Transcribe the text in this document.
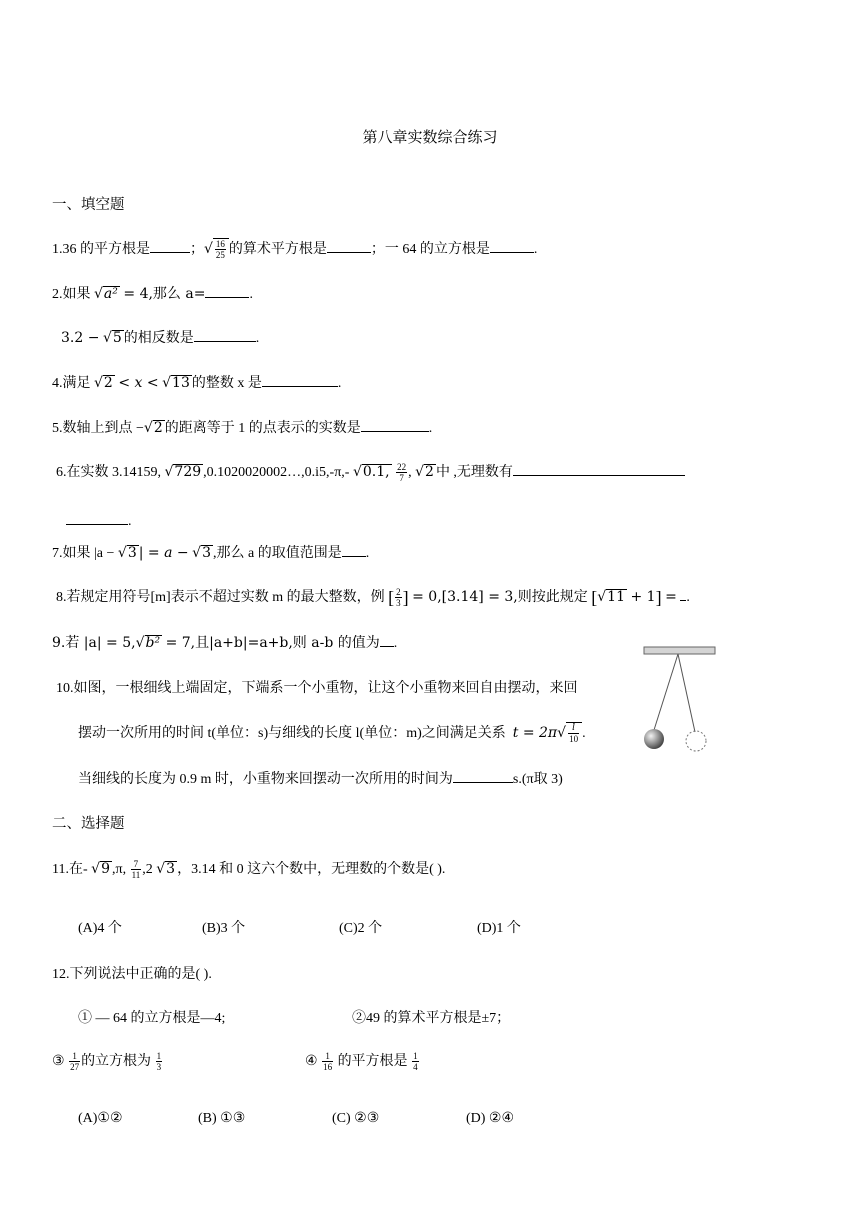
第八章实数综合练习
一、填空题
1.36 的平方根是	；√ $\frac{16}{25}$ 的算术平方根是	；一 64 的立方根是	.
2.如果 √a² = 4,那么 a=	.
3.2 − √5 的相反数是	.
4.满足 √2 < x < √13 的整数 x 是	.
5.数轴上到点 −√2 的距离等于 1 的点表示的实数是	.
6.在实数 3.14159, √729 ,0.1020020002…,0.i5,-π,- √0.1, $\frac{22}{7}$ , √2 中 ,无理数有
.
7.如果 |a − √3 | = a − √3 ,那么 a 的取值范围是 .
8.若规定用符号[m]表示不超过实数 m 的最大整数，例 [ $\frac{2}{3}$ ] = 0,[3.14] = 3,则按此规定 [√11 + 1] = .
9.若 |a| = 5,√b² = 7,且|a+b|=a+b,则 a-b 的值为 .
10.如图，一根细线上端固定，下端系一个小重物，让这个小重物来回自由摆动，来回
摆动一次所用的时间 t(单位：s)与细线的长度 l(单位：m)之间满足关系 $t = 2\pi√ \frac{l}{10}$ .
当细线的长度为 0.9 m 时，小重物来回摆动一次所用的时间为	s.(π取 3)
二、选择题
11.在- √9 ,π, $\frac{7}{11} ,2$ √3 ，3.14 和 0 这六个数中，无理数的个数是( ).
(A)4 个	(B)3 个	(C)2 个	(D)1 个
12.下列说法中正确的是( ).
① — 64 的立方根是—4;	②49 的算术平方根是±7；
③ $\frac{1}{27}$ 的立方根为 $\frac{1}{3}$	④ $\frac{1}{16}$ 的平方根是 $\frac{1}{4}$
(A)①②	(B) ①③	(C) ②③	(D) ②④
